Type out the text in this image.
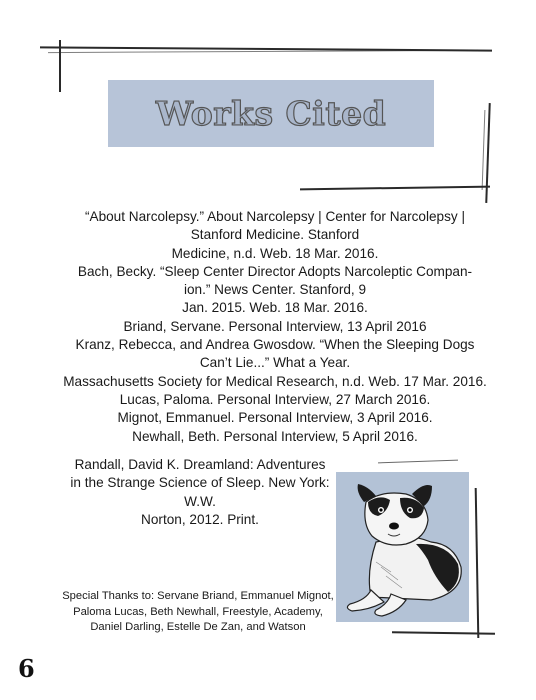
Works Cited
“About Narcolepsy.” About Narcolepsy | Center for Narcolepsy |
Stanford Medicine. Stanford
Medicine, n.d. Web. 18 Mar. 2016.
Bach, Becky. “Sleep Center Director Adopts Narcoleptic Compan-
ion.” News Center. Stanford, 9
Jan. 2015. Web. 18 Mar. 2016.
Briand, Servane. Personal Interview, 13 April 2016
Kranz, Rebecca, and Andrea Gwosdow. “When the Sleeping Dogs
Can’t Lie...” What a Year.
Massachusetts Society for Medical Research, n.d. Web. 17 Mar. 2016.
Lucas, Paloma. Personal Interview, 27 March 2016.
Mignot, Emmanuel. Personal Interview, 3 April 2016.
Newhall, Beth. Personal Interview, 5 April 2016.
Randall, David K. Dreamland: Adventures
in the Strange Science of Sleep. New York:
W.W.
Norton, 2012. Print.
Special Thanks to: Servane Briand, Emmanuel Mignot,
Paloma Lucas, Beth Newhall, Freestyle, Academy,
Daniel Darling, Estelle De Zan, and Watson
6
